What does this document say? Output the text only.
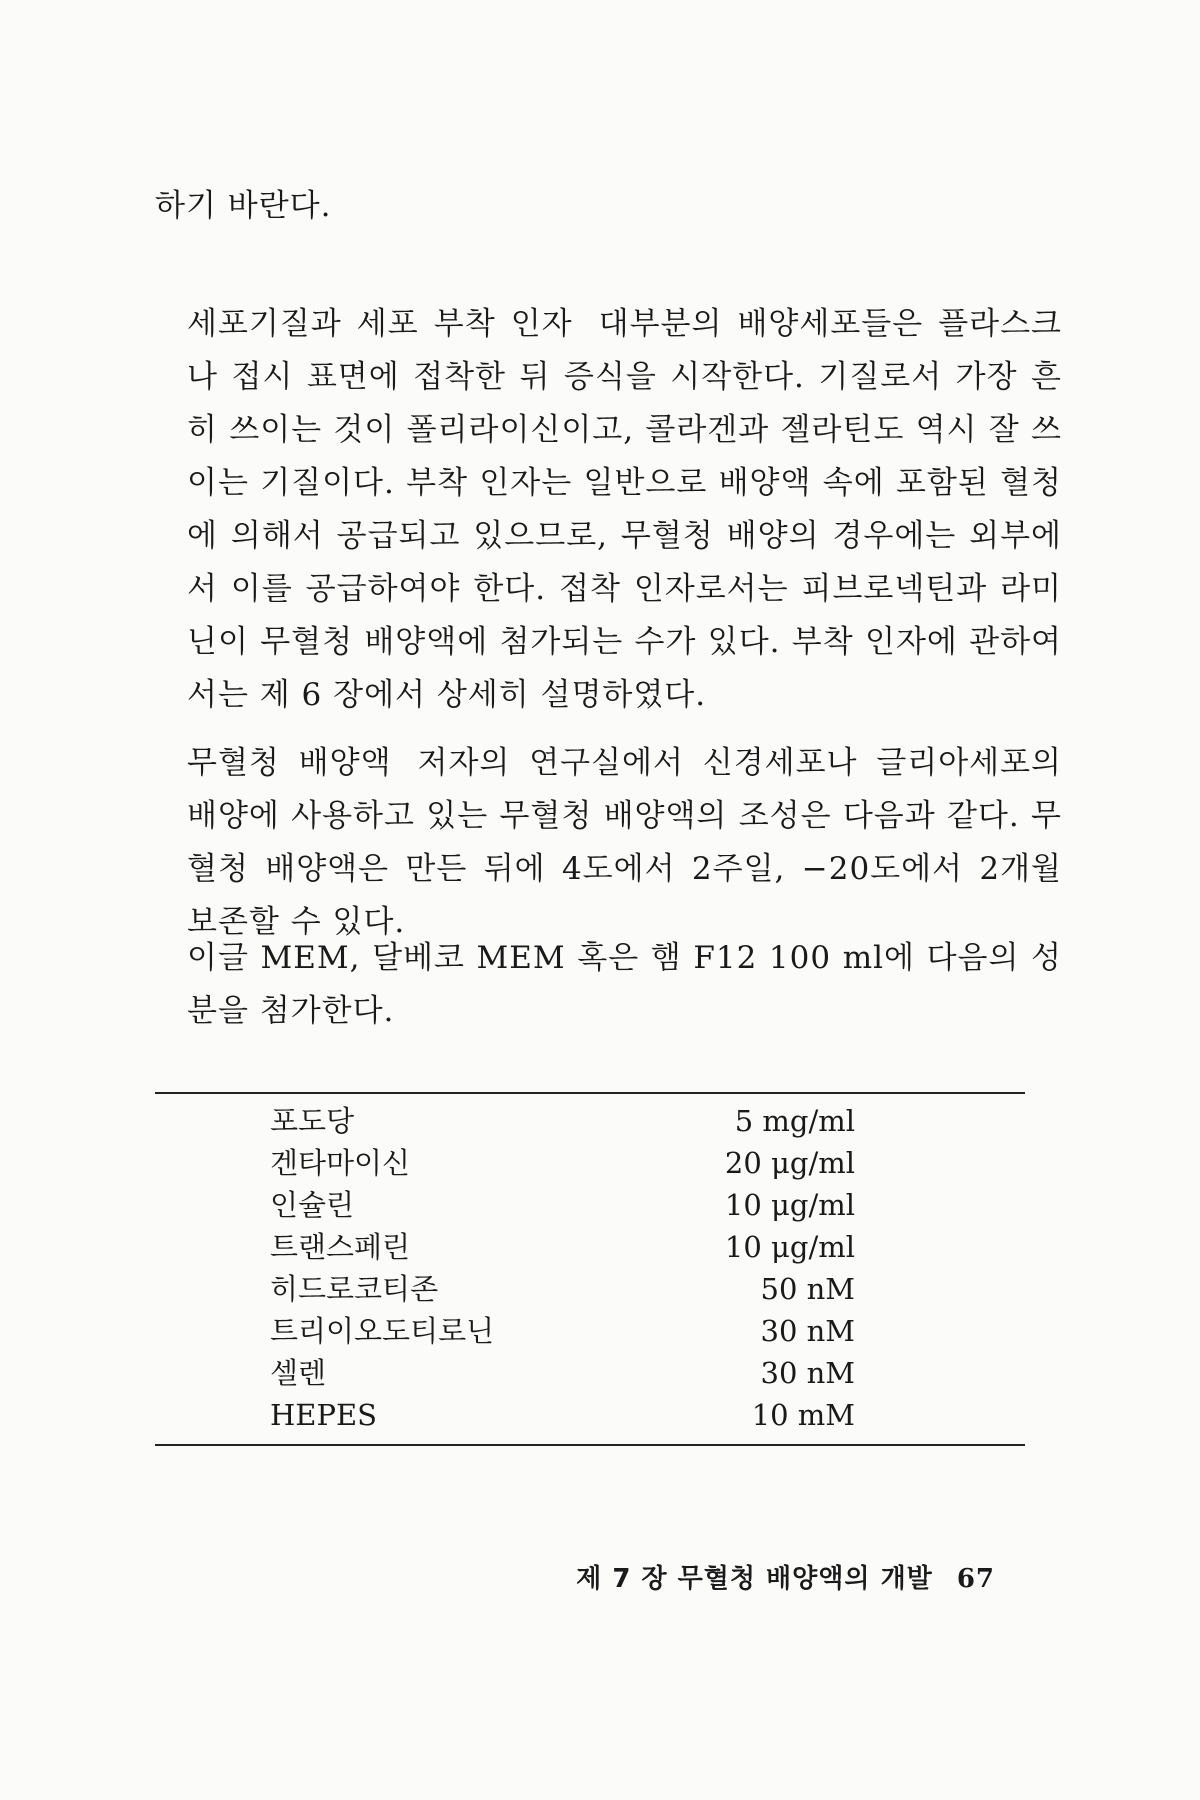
하기 바란다.

세포기질과 세포 부착 인자 대부분의 배양세포들은 플라스크나 접시 표면에 접착한 뒤 증식을 시작한다. 기질로서 가장 흔히 쓰이는 것이 폴리라이신이고, 콜라겐과 젤라틴도 역시 잘 쓰이는 기질이다. 부착 인자는 일반으로 배양액 속에 포함된 혈청에 의해서 공급되고 있으므로, 무혈청 배양의 경우에는 외부에서 이를 공급하여야 한다. 접착 인자로서는 피브로넥틴과 라미닌이 무혈청 배양액에 첨가되는 수가 있다. 부착 인자에 관하여서는 제 6 장에서 상세히 설명하였다.

무혈청 배양액 저자의 연구실에서 신경세포나 글리아세포의 배양에 사용하고 있는 무혈청 배양액의 조성은 다음과 같다. 무혈청 배양액은 만든 뒤에 4도에서 2주일, −20도에서 2개월 보존할 수 있다.

이글 MEM, 달베코 MEM 혹은 햄 F12 100 ml에 다음의 성분을 첨가한다.

포도당	5 mg/ml
겐타마이신	20 μg/ml
인슐린	10 μg/ml
트랜스페린	10 μg/ml
히드로코티존	50 nM
트리이오도티로닌	30 nM
셀렌	30 nM
HEPES	10 mM
제 7 장 무혈청 배양액의 개발 67
